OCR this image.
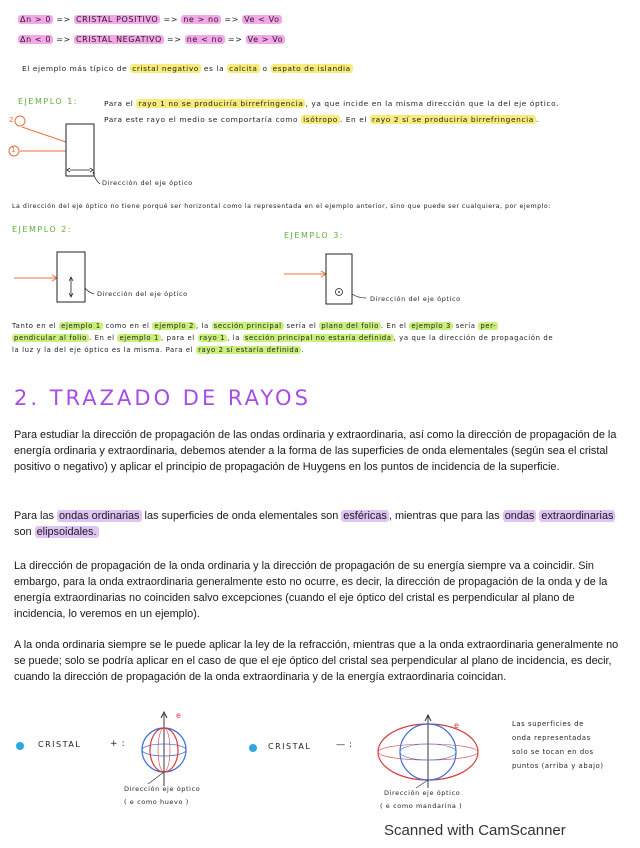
Δn > 0 => CRISTAL POSITIVO => ne > no => Ve < Vo
Δn < 0 => CRISTAL NEGATIVO => ne < no => Ve > Vo
El ejemplo más típico de cristal negativo es la calcita o espato de islandia
EJEMPLO 1:	Para el rayo 1 no se produciría birrefringencia , ya que incide en la misma dirección que la del eje óptico.
Para este rayo el medio se comportaría como isótropo . En el rayo 2 sí se produciría birrefringencia .
2
1
Dirección del eje óptico
La dirección del eje óptico no tiene porqué ser horizontal como la representada en el ejemplo anterior, sino que puede ser cualquiera, por ejemplo:
EJEMPLO 2:
EJEMPLO 3:
Dirección del eje óptico
Dirección del eje óptico
Tanto en el ejemplo 1 como en el ejemplo 2 , la sección principal sería el plano del folio . En el ejemplo 3 sería per-
pendicular al folio . En el ejemplo 1 , para el rayo 1 , la sección principal no estaría definida , ya que la dirección de propagación de
la luz y la del eje óptico es la misma. Para el rayo 2 sí estaría definida .
2. TRAZADO DE RAYOS
Para estudiar la dirección de propagación de las ondas ordinaria y extraordinaria, así como la dirección de propagación de la energía ordinaria y extraordinaria, debemos atender a la forma de las superficies de onda elementales (según sea el cristal positivo o negativo) y aplicar el principio de propagación de Huygens en los puntos de incidencia de la superficie.
Para las ondas ordinarias las superficies de onda elementales son esféricas , mientras que para las ondas extraordinarias son elipsoidales.
La dirección de propagación de la onda ordinaria y la dirección de propagación de su energía siempre va a coincidir. Sin embargo, para la onda extraordinaria generalmente esto no ocurre, es decir, la dirección de propagación de la onda y de la energía extraordinarias no coinciden salvo excepciones (cuando el eje óptico del cristal es perpendicular al plano de incidencia, lo veremos en un ejemplo).
A la onda ordinaria siempre se le puede aplicar la ley de la refracción, mientras que a la onda extraordinaria generalmente no se puede; solo se podría aplicar en el caso de que el eje óptico del cristal sea perpendicular al plano de incidencia, es decir, cuando la dirección de propagación de la onda extraordinaria y de la energía extraordinaria coincidan.
CRISTAL	+ :
e
Dirección eje óptico
( e como huevo )
CRISTAL	— :
e
Dirección eje óptico
( e como mandarina )
Las superficies de
onda representadas
solo se tocan en dos
puntos (arriba y abajo)
Scanned with CamScanner
